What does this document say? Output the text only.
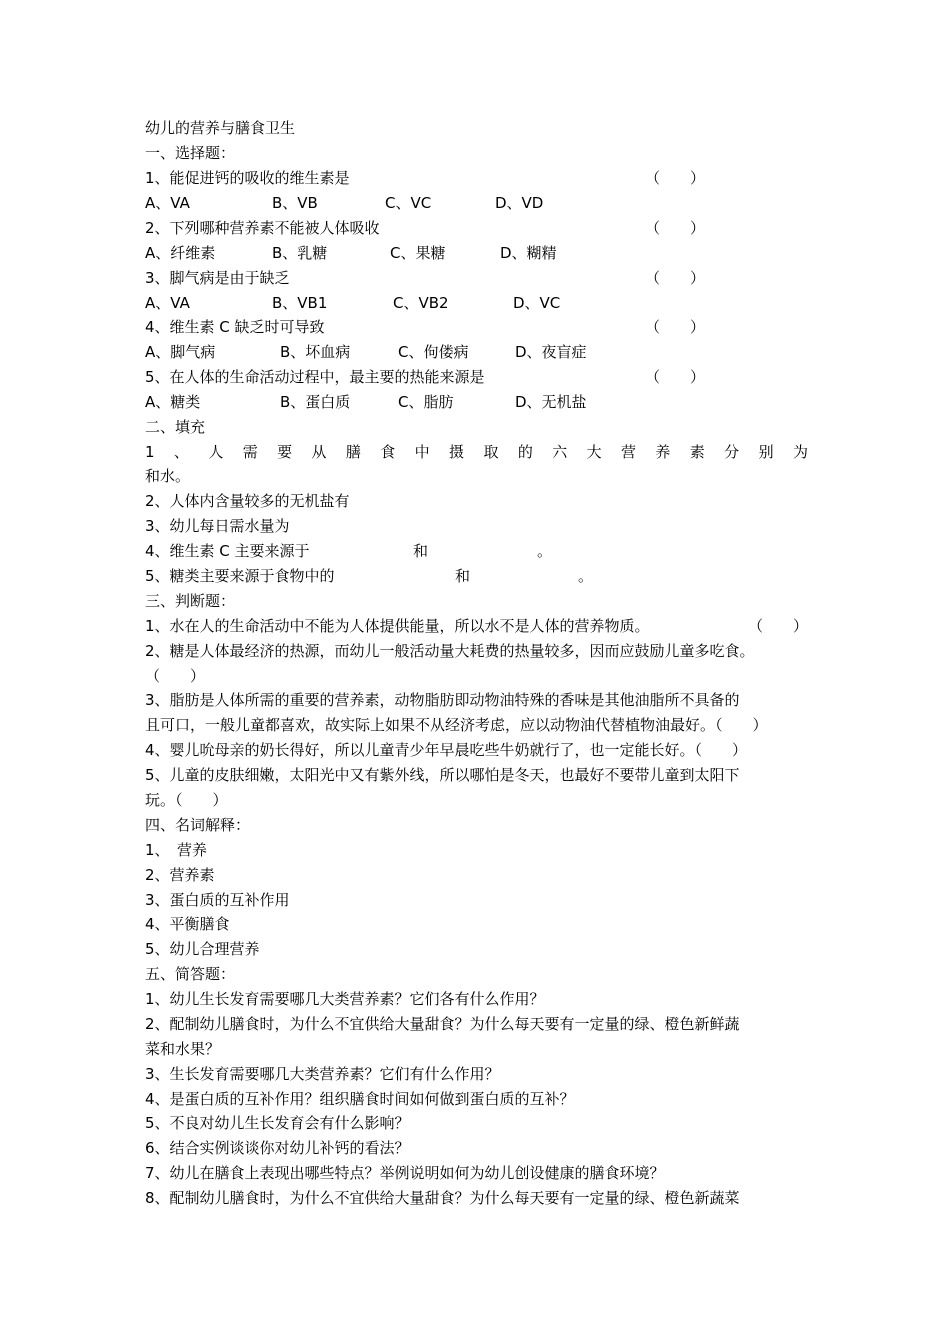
幼儿的营养与膳食卫生
一、选择题：
1、能促进钙的吸收的维生素是	（　　）
A、VA	B、VB	C、VC	D、VD
2、下列哪种营养素不能被人体吸收	（　　）
A、纤维素	B、乳糖	C、果糖	D、糊精
3、脚气病是由于缺乏	（　　）
A、VA	B、VB1	C、VB2	D、VC
4、维生素 C 缺乏时可导致	（　　）
A、脚气病	B、坏血病	C、佝偻病	D、夜盲症
5、在人体的生命活动过程中，最主要的热能来源是	（　　）
A、糖类	B、蛋白质	C、脂肪	D、无机盐
二、填充
1 、 人 需 要 从 膳 食 中 摄 取 的 六 大 营 养 素 分 别 为
和水。
2、人体内含量较多的无机盐有
3、幼儿每日需水量为
4、维生素 C 主要来源于	和	。
5、糖类主要来源于食物中的	和	。
三、判断题：
1、水在人的生命活动中不能为人体提供能量，所以水不是人体的营养物质。	（　　）
2、糖是人体最经济的热源，而幼儿一般活动量大耗费的热量较多，因而应鼓励儿童多吃食。
（　　）
3、脂肪是人体所需的重要的营养素，动物脂肪即动物油特殊的香味是其他油脂所不具备的
且可口，一般儿童都喜欢，故实际上如果不从经济考虑，应以动物油代替植物油最好。（　　）
4、婴儿吮母亲的奶长得好，所以儿童青少年早晨吃些牛奶就行了，也一定能长好。（　　）
5、儿童的皮肤细嫩，太阳光中又有紫外线，所以哪怕是冬天，也最好不要带儿童到太阳下
玩。（　　）
四、名词解释：
1、　营养
2、营养素
3、蛋白质的互补作用
4、平衡膳食
5、幼儿合理营养
五、简答题：
1、幼儿生长发育需要哪几大类营养素？它们各有什么作用？
2、配制幼儿膳食时，为什么不宜供给大量甜食？为什么每天要有一定量的绿、橙色新鲜蔬
菜和水果？
3、生长发育需要哪几大类营养素？它们有什么作用？
4、是蛋白质的互补作用？组织膳食时间如何做到蛋白质的互补？
5、不良对幼儿生长发育会有什么影响？
6、结合实例谈谈你对幼儿补钙的看法？
7、幼儿在膳食上表现出哪些特点？举例说明如何为幼儿创设健康的膳食环境？
8、配制幼儿膳食时，为什么不宜供给大量甜食？为什么每天要有一定量的绿、橙色新蔬菜
